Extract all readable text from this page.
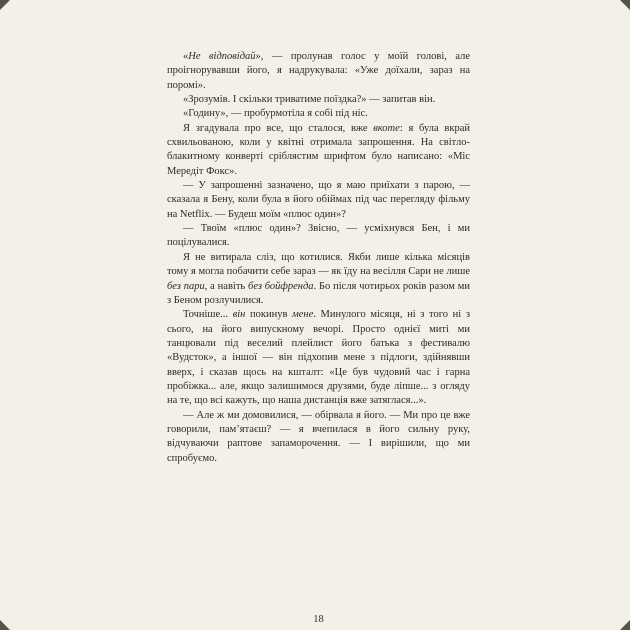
«Не відповідай», — пролунав голос у моїй голові, але проігнорувавши його, я надрукувала: «Уже доїхали, зараз на поромі».

«Зрозумів. І скільки триватиме поїздка?» — запитав він.

«Годину», — пробурмотіла я собі під ніс.

Я згадувала про все, що сталося, вже вкоте: я була вкрай схвильованою, коли у квітні отримала запрошення. На світло-блакитному конверті сріблястим шрифтом було написано: «Міс Мередіт Фокс».

— У запрошенні зазначено, що я маю приїхати з парою, — сказала я Бену, коли була в його обіймах під час перегляду фільму на Netflix. — Будеш моїм «плюс один»?

— Твоїм «плюс один»? Звісно, — усміхнувся Бен, і ми поцілувалися.

Я не витирала сліз, що котилися. Якби лише кілька місяців тому я могла побачити себе зараз — як їду на весілля Сари не лише без пари, а навіть без бойфренда. Бо після чотирьох років разом ми з Беном розлучилися.

Точніше... він покинув мене. Минулого місяця, ні з того ні з сього, на його випускному вечорі. Просто однієї миті ми танцювали під веселий плейлист його батька з фестивалю «Вудсток», а іншої — він підхопив мене з підлоги, здійнявши вверх, і сказав щось на кшталт: «Це був чудовий час і гарна пробіжка... але, якщо залишимося друзями, буде ліпше... з огляду на те, що всі кажуть, що наша дистанція вже затяглася...».

— Але ж ми домовилися, — обірвала я його. — Ми про це вже говорили, пам’ятаєш? — я вчепилася в його сильну руку, відчуваючи раптове запаморочення. — І вирішили, що ми спробуємо.

18
